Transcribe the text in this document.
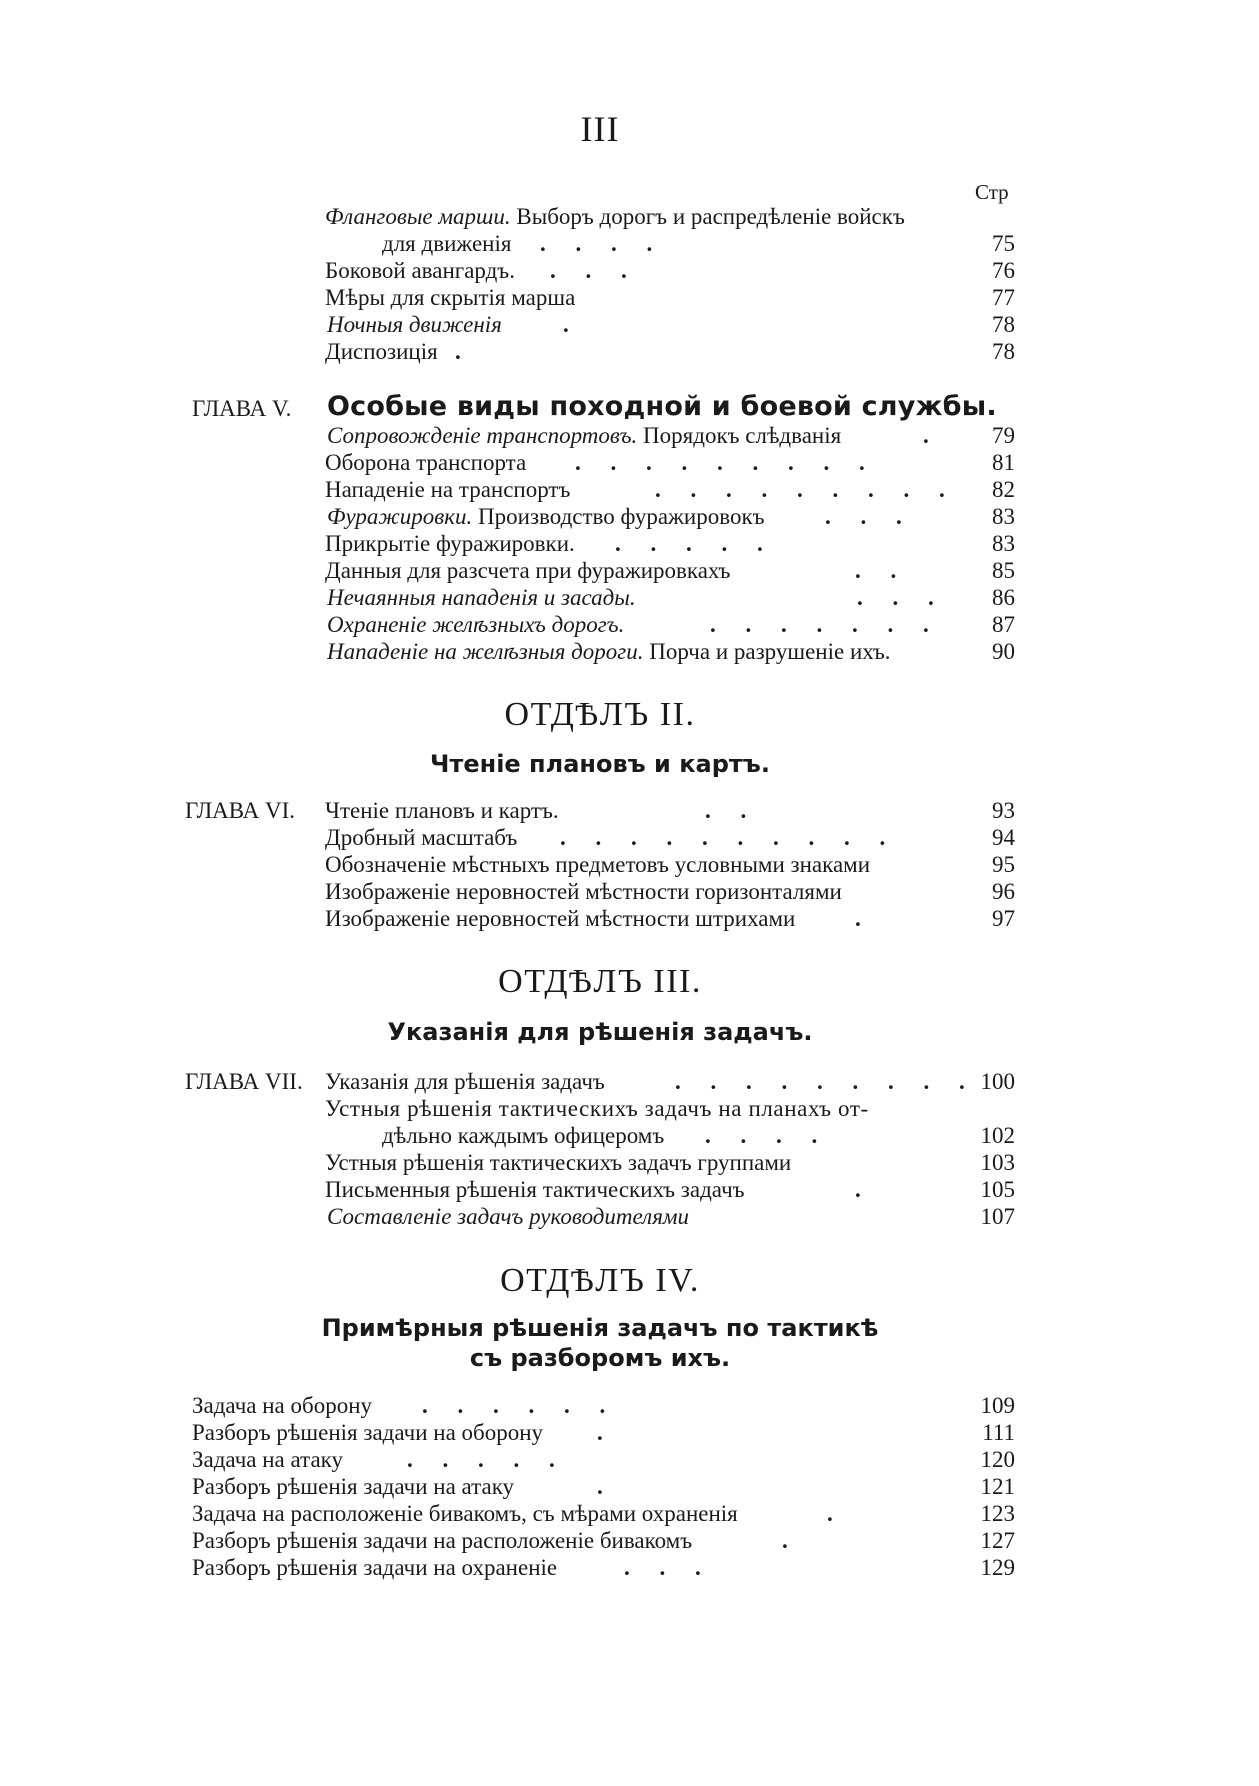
III
Стр
Фланговые марши. Выборъ дорогъ и распредѣленіе войскъ
для движенія . . . .	75
Боковой авангардъ. . . .	76
Мѣры для скрытія марша	77
Ночныя движенія	.	78
Диспозиція .	78
ГЛАВА V. Особые виды походной и боевой службы.
Сопровожденіе транспортовъ. Порядокъ слѣдванія	.	79
Оборона транспорта . . . . . . . . .	81
Нападеніе на транспортъ	. . . . . . . . .	82
Фуражировки. Производство фуражировокъ	. . .	83
Прикрытіе фуражировки. . . . . .	83
Данныя для разсчета при фуражировкахъ	. .	85
Нечаянныя нападенія и засады.	. . .	86
Охраненіе желѣзныхъ дорогъ.	. . . . . . .	87
Нападеніе на желѣзныя дороги. Порча и разрушеніе ихъ.	90
ОТДѢЛЪ II.
Чтеніе плановъ и картъ.
ГЛАВА VI. Чтеніе плановъ и картъ.	. .	93
Дробный масштабъ . . . . . . . . . .	94
Обозначеніе мѣстныхъ предметовъ условными знаками	95
Изображеніе неровностей мѣстности горизонталями	96
Изображеніе неровностей мѣстности штрихами	.	97
ОТДѢЛЪ III.
Указанія для рѣшенія задачъ.
ГЛАВА VII. Указанія для рѣшенія задачъ	. . . . . . . . . 100
Устныя рѣшенія тактическихъ задачъ на планахъ от-
дѣльно каждымъ офицеромъ . . . .	102
Устныя рѣшенія тактическихъ задачъ группами	103
Письменныя рѣшенія тактическихъ задачъ	.	105
Составленіе задачъ руководителями	107
ОТДѢЛЪ IV.
Примѣрныя рѣшенія задачъ по тактикѣ
съ разборомъ ихъ.
Задача на оборону . . . . . .	109
Разборъ рѣшенія задачи на оборону .	111
Задача на атаку	. . . . .	120
Разборъ рѣшенія задачи на атаку	.	121
Задача на расположеніе бивакомъ, съ мѣрами охраненія	.	123
Разборъ рѣшенія задачи на расположеніе бивакомъ	.	127
Разборъ рѣшенія задачи на охраненіе	. . .	129
